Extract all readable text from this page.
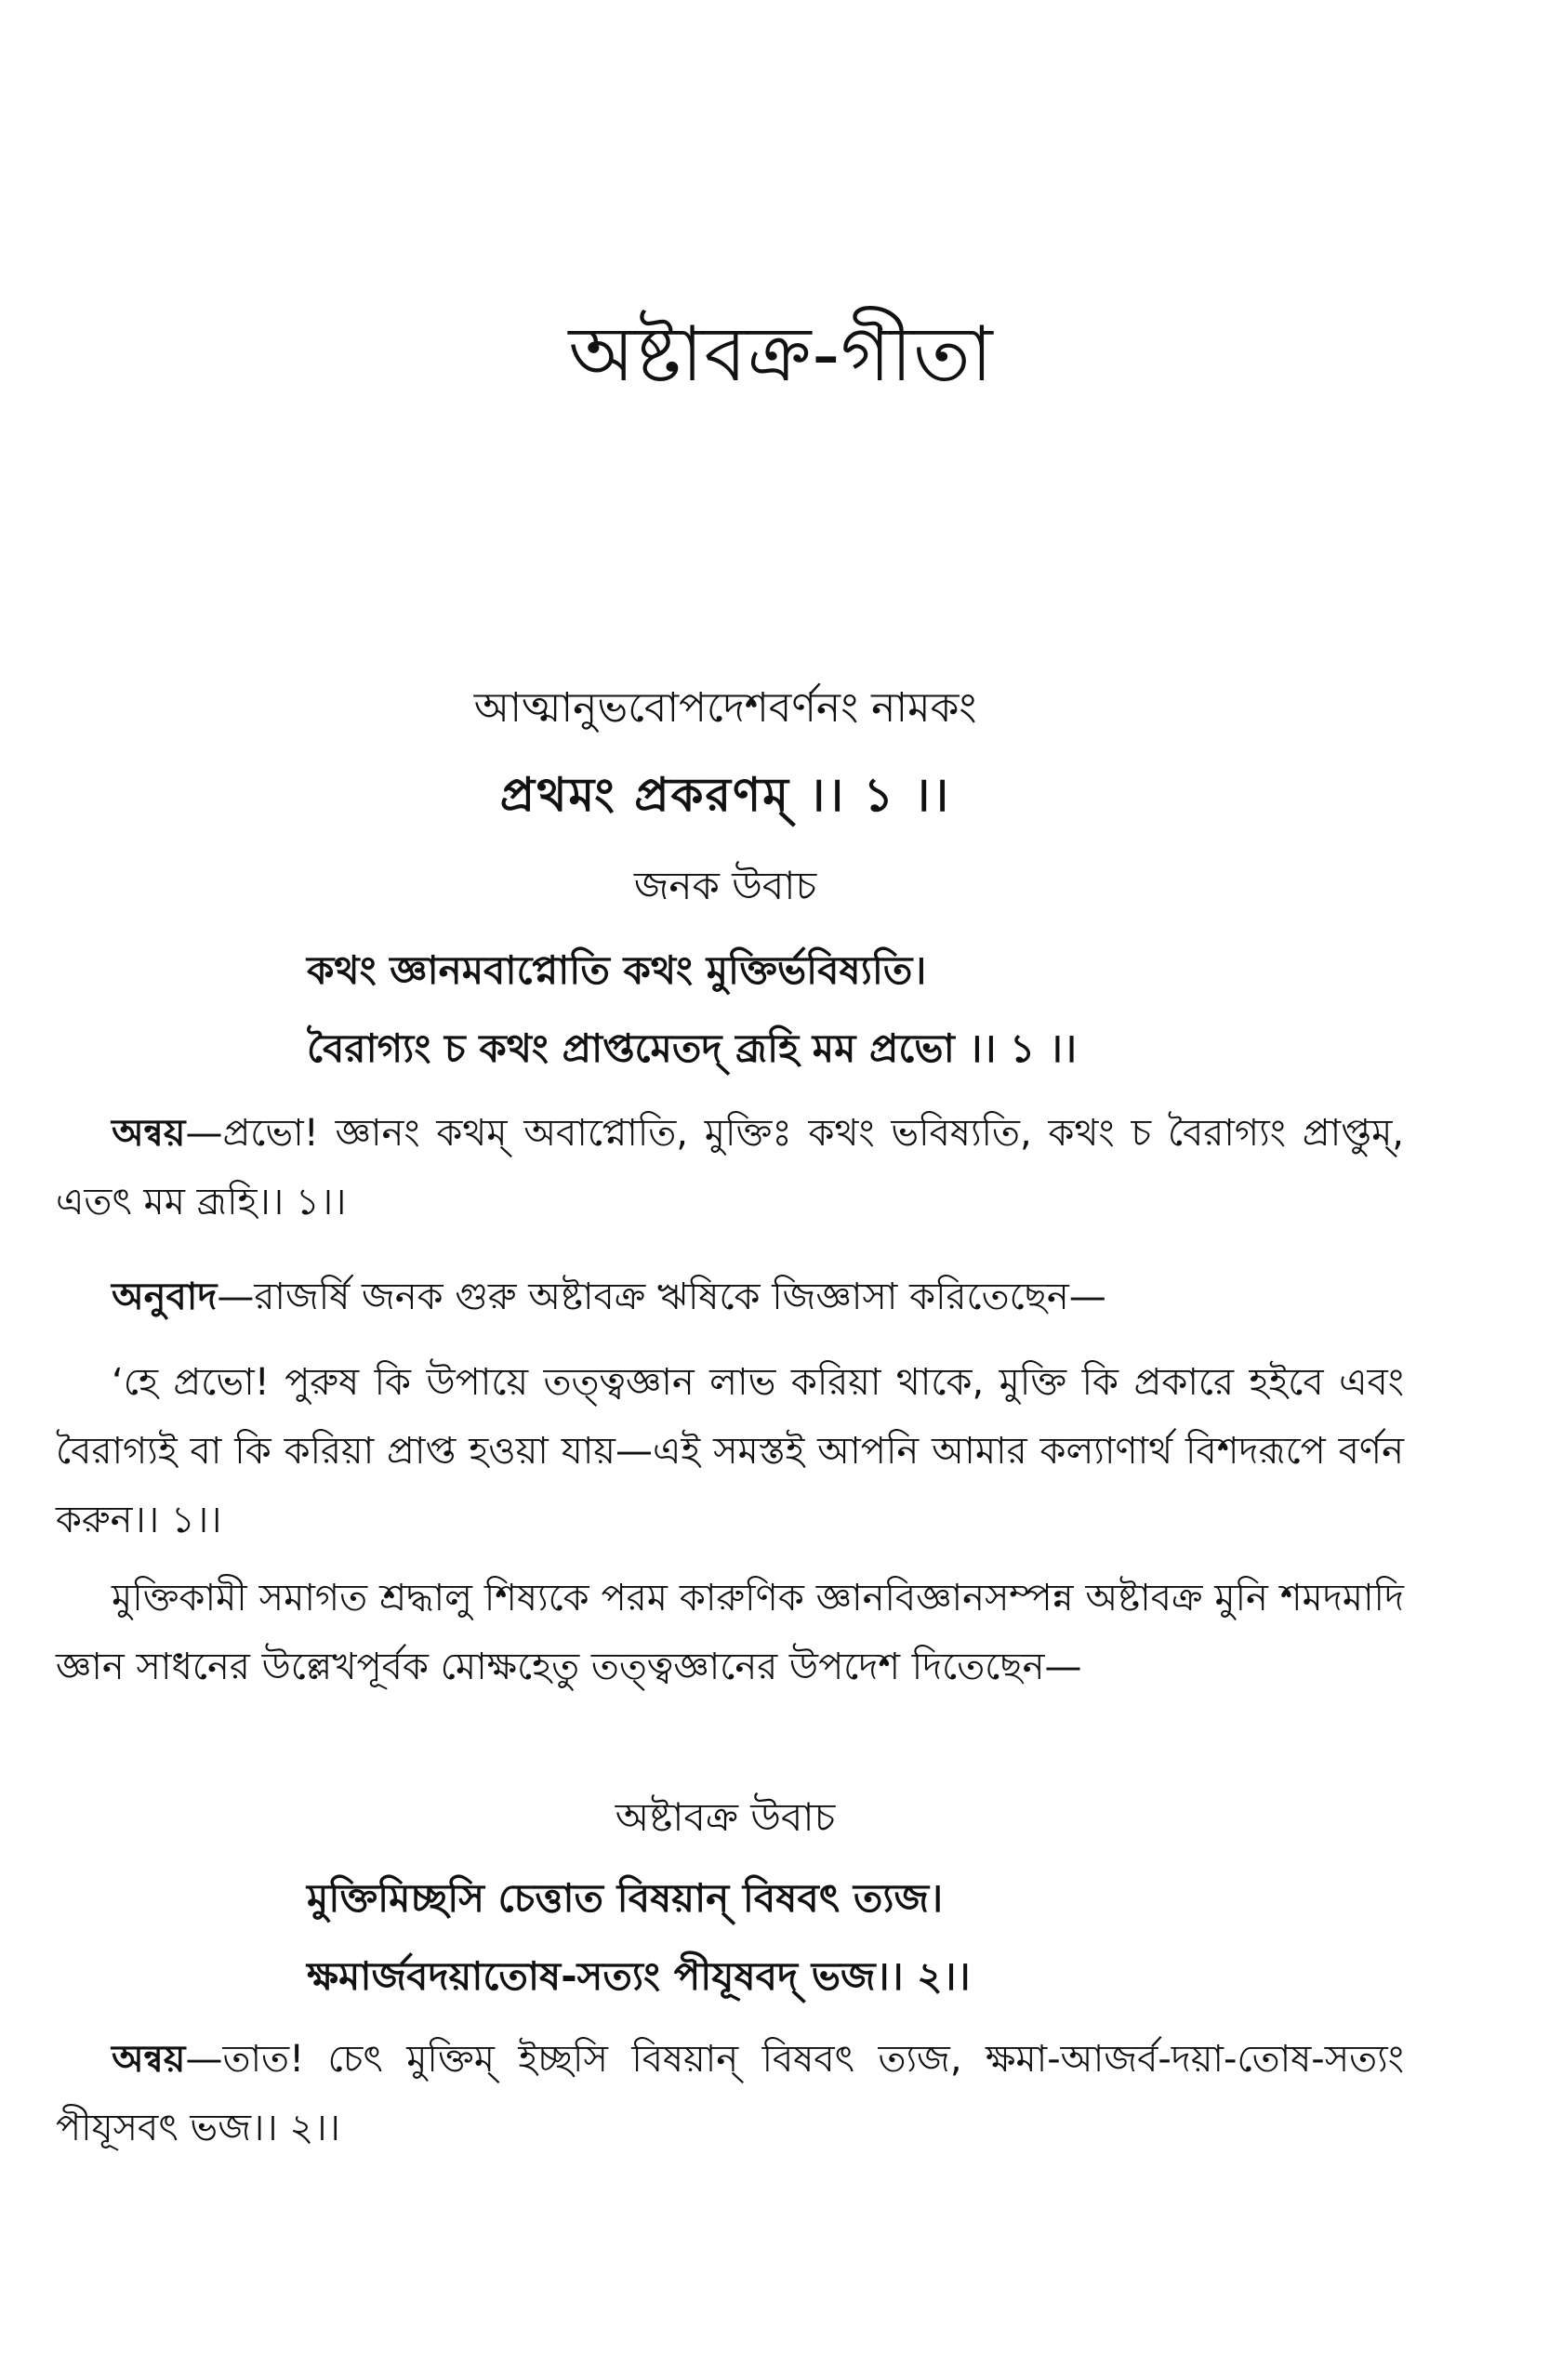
অষ্টাবক্র-গীতা
আত্মানুভবোপদেশবর্ণনং নামকং
প্রথমং প্রকরণম্ ।। ১ ।।
জনক উবাচ
কথং জ্ঞানমবাপ্নোতি কথং মুক্তির্ভবিষ্যতি।
বৈরাগ্যং চ কথং প্রাপ্তমেতদ্ ব্রূহি মম প্রভো ।। ১ ।।
অন্বয়—প্রভো! জ্ঞানং কথম্ অবাপ্নোতি, মুক্তিঃ কথং ভবিষ্যতি, কথং চ বৈরাগ্যং প্রাপ্তুম্, এতৎ মম ব্রূহি।। ১।।
অনুবাদ—রাজর্ষি জনক গুরু অষ্টাবক্র ঋষিকে জিজ্ঞাসা করিতেছেন—
‘হে প্রভো! পুরুষ কি উপায়ে তত্ত্বজ্ঞান লাভ করিয়া থাকে, মুক্তি কি প্রকারে হইবে এবং বৈরাগ্যই বা কি করিয়া প্রাপ্ত হওয়া যায়—এই সমস্তই আপনি আমার কল্যাণার্থ বিশদরূপে বর্ণন করুন।। ১।।
মুক্তিকামী সমাগত শ্রদ্ধালু শিষ্যকে পরম কারুণিক জ্ঞানবিজ্ঞানসম্পন্ন অষ্টাবক্র মুনি শমদমাদি জ্ঞান সাধনের উল্লেখপূর্বক মোক্ষহেতু তত্ত্বজ্ঞানের উপদেশ দিতেছেন—
অষ্টাবক্র উবাচ
মুক্তিমিচ্ছসি চেত্তাত বিষয়ান্ বিষবৎ ত্যজ।
ক্ষমার্জবদয়াতোষ-সত্যং পীযূষবদ্ ভজ।। ২।।
অন্বয়—তাত! চেৎ মুক্তিম্ ইচ্ছসি বিষয়ান্ বিষবৎ ত্যজ, ক্ষমা-আজর্ব-দয়া-তোষ-সত্যং পীযূসবৎ ভজ।। ২।।
